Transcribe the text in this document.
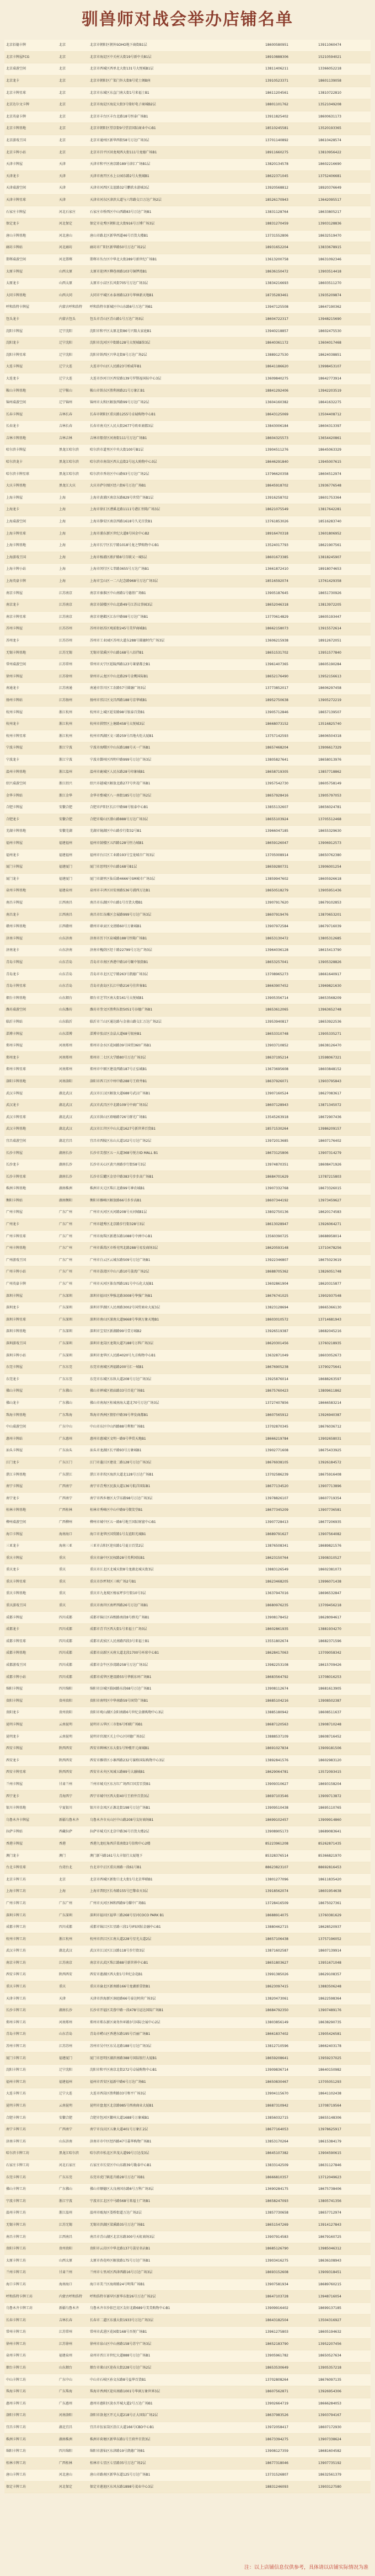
驯兽师对战会举办店铺名单
北京佰德卡牌	北京	北京市朝阳区朝外SOHO地下商街B1层	18600580951	13911060474
北京卡牌屋FCG	北京	北京市海淀区中关村大街19号新中关B1层	18910888306	15210594021
北京桌游空间	北京	北京市西城区西单北大街131号大悦城B1层	13811406211	13366052218
北京龙卡	北京	北京市朝阳区广渠门外大街8号优士阁B座	13910523371	18601139058
北京卡牌星球	北京	北京市东城区东直门南大街1号来福士B1	18611204561	13810722810
北京达尔文卡牌	北京	北京市海淀区海淀大街3号鼎好电子商城B2层	18801101762	13521049208
北京英豪卡牌	北京	北京市丰台区丰台北路18号恒泰广场B1	13911825402	18600631173
北京卡牌基地	北京	北京市朝阳区望京街9号望京国际商业中心B1	18510245581	13520193365
北京游戏王国	北京	北京市通州区新华西街58号万达广场3层	13701140892	18610428574
北京卡牌小站	北京	北京市昌平区回龙观西大街111号龙德广场B1	18911660275	13810956422
天津卡牌屋	天津	天津市和平区南京路189号津汇广场B1层	13820134578	18602216690
天津龙卡	天津	天津市南开区水上公园东路2号大悦城B1	18622371045	13752406681
天津桌游空间	天津	天津市河西区友谊路32号鹏欣水游城3层	13920568812	18920376649
天津卡牌星球	天津	天津市河东区津滨大道与六纬路交口万达广场2层	18526170943	13642095517
石家庄卡牌屋	河北石家庄	石家庄市桥西区中山西路83号万达广场B1	13831128764	18633805217
保定龙卡	河北保定	保定市竞秀区朝阳北大街916号万博广场3层	18831270459	13903128836
唐山卡牌基地	河北唐山	唐山市路北区新华西道46号百货大楼B1	13731552806	18632519470
廊坊卡牌站	河北廊坊	廊坊市广阳区新华路50号万达广场2层	18931652204	13833678915
邯郸桌游空间	河北邯郸	邯郸市丛台区中华北大街289号新世纪广场B1	13613200758	18631092346
太原卡牌屋	山西太原	太原市迎泽区柳巷南路103号铜锣湾B1	18636150472	13903514418
太原龙卡	山西太原	太原市小店区长风街705号万达广场3层	13834216693	18603511270
大同卡牌基地	山西大同	大同市平城区永泰南路123号华林新天地B1	18735283461	13935209874
呼和浩特卡牌屋	内蒙古呼和浩特	呼和浩特市新城区中山东路8号万达广场B1	13947125508	18647190362
包头龙卡	内蒙古包头	包头市青山区青山路1号万达广场3层	18604722317	13948215690
沈阳卡牌屋	辽宁沈阳	沈阳市和平区太原北街86号兴隆大家庭B1	13940218857	18602475530
沈阳龙卡	辽宁沈阳	沈阳市沈河区中街路128号大悦城B馆3层	18640361172	13604017468
沈阳卡牌星球	辽宁沈阳	沈阳市铁西区兴华北街8号万达广场2层	13889127530	18624038851
大连卡牌屋	辽宁大连	大连市中山区人民路23号柏威年B1	18641186620	13998453107
大连龙卡	辽宁大连	大连市沙河口区西安路139号罗斯福国际中心3层	13609840275	18642773914
鞍山卡牌基地	辽宁鞍山	鞍山市铁东区胜利南路21号万象汇B1	18841292406	13942203519
锦州桌游空间	辽宁锦州	锦州市太和区解放西路99号万达广场2层	13604160382	18641632275
长春卡牌屋	吉林长春	长春市朝阳区重庆路1255号卓展购物中心B1	18643125069	13504408712
长春龙卡	吉林长春	长春市南关区人民大街2677号欧亚商都3层	13843006184	18604313397
吉林卡牌基地	吉林吉林	吉林市船营区河南街111号万达广场B1	18604325573	13654420861
哈尔滨卡牌屋	黑龙江哈尔滨	哈尔滨市道里区中央大街100号B1层	13904511276	18645063329
哈尔滨龙卡	黑龙江哈尔滨	哈尔滨市南岗区西大直街2号远大购物中心3层	18646291840	13945007615
哈尔滨卡牌星球	黑龙江哈尔滨	哈尔滨市香坊区中山路93号万达广场2层	13796620358	18604512974
大庆卡牌基地	黑龙江大庆	大庆市萨尔图区经六街6号万达广场B1	18645918702	13936776548
上海卡牌屋	上海	上海市黄浦区南京东路829号世贸广场B1层	13916258702	18601753364
上海龙卡	上海	上海市徐汇区漕溪北路1111号港汇恒隆广场3层	18621075549	13817642281
上海桌游空间	上海	上海市静安区南京西路1618号久光百货B1	13761853026	18516283740
上海卡牌星球	上海	上海市浦东新区世纪大道8号国金中心B2	18916470318	13601806952
上海卡牌基地	上海	上海市长宁区长宁路1018号龙之梦购物中心B1	13524017793	18621907561
上海游戏王国	上海	上海市杨浦区淞沪路8号百联又一城5层	18601673385	13818245907
上海卡牌小站	上海	上海市闵行区七莘路3655号万达广场B1	13661872410	18918074653
上海英豪卡牌	上海	上海市宝山区一二八纪念路968号万达广场3层	18516592074	13761429358
南京卡牌屋	江苏南京	南京市秦淮区中山南路1号德基广场B1	13905187645	18651730926
南京龙卡	江苏南京	南京市鼓楼区中山北路49号江苏议事园3层	18652046318	13813972205
南京卡牌星球	江苏南京	南京市建邺区江东中路98号万达广场B1	13770614829	18605193447
苏州卡牌屋	江苏苏州	苏州市姑苏区观前街245号美罗商城B1	18662158073	13915572614
苏州龙卡	江苏苏州	苏州市工业园区苏州大道东288号圆融时代广场3层	13606215938	18912672051
无锡卡牌基地	江苏无锡	无锡市梁溪区中山路168号八佰伴B1	18651531702	13951577840
常州桌游空间	江苏常州	常州市天宁区延陵西路123号莱蒙都会B1	13961407365	18605190284
徐州卡牌屋	江苏徐州	徐州市云龙区中山北路29号金鹰国际B1	18652176490	13952156613
南通龙卡	江苏南通	南通市崇川区工农路57号圆融广场3层	13773852017	18606297458
扬州卡牌站	江苏扬州	扬州市邗江区文昌西路188号京华城B1	18952750638	13905272219
杭州卡牌屋	浙江杭州	杭州市上城区延安路98号银泰百货B1	13905712846	18657139507
杭州龙卡	浙江杭州	杭州市拱墅区上塘路458号大悦城3层	18668073152	13516825740
杭州卡牌星球	浙江杭州	杭州市西湖区文三路259号昌地火炬大厦B1	13757142593	18606504318
宁波卡牌屋	浙江宁波	宁波市海曙区中山东路188号天一广场B1	18657468204	13906617329
宁波龙卡	浙江宁波	宁波市鄞州区四明中路999号万达广场3层	13805827641	18658013976
温州卡牌基地	浙江温州	温州市鹿城区人民东路28号印象城B1	18658719305	13857718862
绍兴桌游空间	浙江绍兴	绍兴市越城区解放北路277号世茂广场B1	13957542730	18605758149
金华卡牌站	浙江金华	金华市婺城区八一南街185号万达广场2层	18657928416	13905797053
合肥卡牌屋	安徽合肥	合肥市庐阳区长江中路98号银泰中心B1	13855132607	18656024781
合肥龙卡	安徽合肥	合肥市蜀山区潜山路888号万达广场3层	18655103924	13705512468
芜湖卡牌基地	安徽芜湖	芜湖市镜湖区中山路步行街32号B1	13966047185	18655329630
福州卡牌屋	福建福州	福州市鼓楼区五四路128号恒力城B1	18659126047	13906912573
福州龙卡	福建福州	福州市台江区工业路193号宝龙城市广场3层	13705008914	18650762380
厦门卡牌屋	福建厦门	厦门市思明区中山路168号B1层	18659280731	13906001254
厦门龙卡	福建厦门	厦门市湖里区仙岳路4666号SM城市广场3层	13859947602	18605926618
泉州卡牌基地	福建泉州	泉州市丰泽区田安南路536号浦西万达B1	18650518279	13905951436
南昌卡牌屋	江西南昌	南昌市东湖区中山路1号百货大楼B1	13907917620	18679102853
南昌龙卡	江西南昌	南昌市红谷滩区会展路999号万达广场3层	18607919476	13870653201
赣州卡牌基地	江西赣州	赣州市章贡区文清路60号万象城B1	13907972584	18679716039
济南卡牌屋	山东济南	济南市历下区泉城路188号恒隆广场B1	18653130472	13805312685
济南龙卡	山东济南	济南市槐荫区经十路22799号万达广场3层	13964036128	18615413790
青岛卡牌屋	山东青岛	青岛市市南区香港中路10号颐中银街B1	18653257041	13905328826
青岛龙卡	山东青岛	青岛市市北区辽宁路263号凯德广场3层	13708965273	18661640917
青岛卡牌星球	山东青岛	青岛市黄岛区长江中路216号佳世客B1	18663907452	13969821630
烟台卡牌基地	山东烟台	烟台市芝罘区南大街161号大悦城B1	13905356714	18653568209
潍坊桌游空间	山东潍坊	潍坊市奎文区胜利东街5051号谷德广场B1	18653612065	13963652748
临沂卡牌站	山东临沂	临沂市兰山区通达路与金雀山路交汇万达广场2层	13953940817	18653922536
淄博卡牌屋	山东淄博	淄博市张店区金晶大道68号银座B1	18653310748	13905335271
郑州卡牌屋	河南郑州	郑州市金水区花园路39号国贸360广场B1	13903710852	18638126470
郑州龙卡	河南郑州	郑州市二七区大学路80号万达广场3层	18637195214	13598067321
郑州卡牌星球	河南郑州	郑州市中原区建设西路187号正弘城B1	13673695608	18603848152
洛阳卡牌基地	河南洛阳	洛阳市西工区中州中路288号王府井B1	18637926071	13903795843
武汉卡牌屋	湖北武汉	武汉市江汉区解放大道688号武汉广场B1	13907160524	18627083617
武汉龙卡	湖北武汉	武汉市武昌区中北路109号中商广场3层	18607128943	13871345072
武汉卡牌星球	湖北武汉	武汉市洪山区珞喻路726号群光广场B1	13545263918	18672907436
武汉卡牌基地	湖北武汉	武汉市江岸区中山大道1627号新世界百货B1	18571530264	13986209157
宜昌桌游空间	湖北宜昌	宜昌市西陵区东山大道102号万达广场2层	13972013685	18607176402
长沙卡牌屋	湖南长沙	长沙市芙蓉区五一大道368号悦方ID MALL B1	18673125806	13907314279
长沙龙卡	湖南长沙	长沙市天心区黄兴南路步行街58号3层	13974870351	18608471926
长沙卡牌星球	湖南长沙	长沙市岳麓区金星中路383号步步高广场B1	18684701629	13787215803
株洲卡牌基地	湖南株洲	株洲市天元区珠江北路99号神农城B1	13907332768	18673326015
衡阳卡牌站	湖南衡阳	衡阳市雁峰区解放路66号步步高B1	18607344192	13973459627
广州卡牌屋	广东广州	广州市天河区天河路208号天河城B1层	13802750136	18620174583
广州龙卡	广东广州	广州市越秀区北京路步行街328号3层	18613028947	13926064271
广州卡牌星球	广东广州	广州市海珠区新港东路1088号中洲中心B1	13560390725	18688958014
广州卡牌基地	广东广州	广州市番禺区市桥光明北路288号易发商场3层	18620593148	13710478256
广州游戏王国	广东广州	广州市白云区云城东路509号万达广场B1	13922346807	18675023619
广州卡牌小站	广东广州	广州市荔湾区中山八路10号荔湾广场2层	18688705362	13826051748
广州英豪卡牌	广东广州	广州市天河区体育西路191号中石化大厦B1	13602861904	18620315877
深圳卡牌屋	广东深圳	深圳市福田区华强北路3008号华强广场B1	18676741025	13902937548
深圳龙卡	广东深圳	深圳市罗湖区人民南路3002号国贸商业大厦3层	13823128694	18665366130
深圳卡牌星球	广东深圳	深圳市南山区深南大道9668号华润万象天地B1	18603010572	13714681943
深圳卡牌基地	广东深圳	深圳市宝安区新湖路99号壹方城B2	13926519387	18682045216
深圳游戏王国	广东深圳	深圳市龙岗区龙翔大道7188号万科广场3层	18620301456	13760218935
深圳卡牌小站	广东深圳	深圳市龙华区人民路4020号九方购物中心B1	13632871049	18603052673
东莞卡牌屋	广东东莞	东莞市南城区鸿福路200号汇一城B1	18676905238	13790275641
东莞龙卡	广东东莞	东莞市东城区东纵大道208号万达广场3层	13925876014	18688263597
佛山卡牌屋	广东佛山	佛山市禅城区祖庙路33号百花广场B1	18675760423	13809611862
佛山龙卡	广东佛山	佛山市南海区桂城南海大道北70号万达广场3层	13727407856	18666583214
珠海卡牌基地	广东珠海	珠海市香洲区情侣中路39号华发商都B1	18607565912	13926940387
中山桌游空间	广东中山	中山市东区中山四路88号利和广场B1	13702870345	18676036712
惠州卡牌站	广东惠州	惠州市惠城区文明一路9号华贸天地B1	18666219784	13902658031
汕头卡牌屋	广东汕头	汕头市龙湖区长平路93号万象城B1	13902771608	18675433925
江门龙卡	广东江门	江门市蓬江区建设二路128号万达广场3层	18676938105	13926184572
湛江卡牌基地	广东湛江	湛江市赤坎区海滨大道北128号万达广场B1	13702586239	18675916408
南宁卡牌屋	广西南宁	南宁市青秀区民族大道136号航洋国际B1	18677134520	13907713896
南宁龙卡	广西南宁	南宁市西乡塘区大学东路98号万达广场3层	13978826107	18607719354
桂林卡牌基地	广西桂林	桂林市秀峰区中山中路9号微笑堂B1	18677345209	13907736581
柳州桌游空间	广西柳州	柳州市城中区五一路8号地王国际财富中心B1	13907728413	18677206935
海口卡牌屋	海南海口	海口市龙华区国贸路1号友谊阳光城B1	18689791627	13907564082
三亚龙卡	海南三亚	三亚市吉阳区迎宾路1号夏日百货2层	13876508341	18689821576
重庆卡牌屋	重庆	重庆市渝中区民权路28号英利国际B1	18623150764	13908310527
重庆龙卡	重庆	重庆市江北区北城天街8号龙湖北城天街3层	13883126549	18602381073
重庆卡牌星球	重庆	重庆市沙坪坝区三峡广场2号B1	18623468205	13996071438
重庆卡牌基地	重庆	重庆市九龙坡区杨家坪步行街10号3层	13637947016	18696532847
重庆游戏王国	重庆	重庆市南岸区南坪西路26号万达广场B1	18680976235	13709456218
成都卡牌屋	四川成都	成都市锦江区春熙路南段8号群光广场B1	13908178452	18628094617
成都龙卡	四川成都	成都市青羊区西大街1号来福士广场3层	18602861935	13881934270
成都卡牌星球	四川成都	成都市武侯区人民南路四段3号来福士B1	13551802674	18682371596
成都卡牌基地	四川成都	成都市高新区天府大道北段1700号环球中心B1	18628417063	13709058342
成都游戏王国	四川成都	成都市金牛区沙湾路258号万达广场3层	13982253108	18615709426
成都卡牌小站	四川成都	成都市成华区建设路55号华联东环广场B1	18683564792	13708016253
绵阳卡牌屋	四川绵阳	绵阳市涪城区临园路东段68号万达广场B1	13908112674	18681613905
贵阳卡牌屋	贵州贵阳	贵阳市南明区中华南路59号国贸广场B1	18685104216	13908502387
贵阳龙卡	贵州贵阳	贵阳市观山湖区金阳南路6号世纪金源购物中心3层	13885180942	18608511637
昆明卡牌屋	云南昆明	昆明市五华区三市街6号柏联广场B1	18687120563	13908710248
昆明龙卡	云南昆明	昆明市官渡区关上中心区同德广场3层	13888537109	18608716452
西安卡牌屋	陕西西安	西安市碑林区东大街1号钟楼开元商城B1	18691027834	13909181506
西安龙卡	陕西西安	西安市雁塔区小寨西路232号赛格国际购物中心3层	13892841576	18602983120
西安卡牌星球	陕西西安	西安市未央区凤城五路89号大融城B1	18629064781	13572093415
兰州卡牌屋	甘肃兰州	兰州市城关区东方红广场西口国芳百货B1	13909310627	18693158204
西宁龙卡	青海西宁	西宁市城中区西大街40号王府井百货3层	18697103546	13909713872
银川卡牌基地	宁夏银川	银川市金凤区正源北街198号万达广场B1	13909510438	18695110765
乌鲁木齐卡牌屋	新疆乌鲁木齐	乌鲁木齐市天山区中山路208号友好商场B1	18699102457	13909914860
拉萨卡牌站	西藏拉萨	拉萨市城关区北京中路36号百货大楼2层	13908905173	18689083641
香港卡牌屋	香港	香港九龙旺角西洋菜南街2号信和中心2楼	85223961208	85262871435
澳门龙卡	澳门	澳门新马路161号大丰银行大厦地下	85328376514	85366821970
台北卡牌星球	台湾台北	台北市中正区重庆南路一段61号B1	88623823107	88692816453
北京卡牌工坊	北京	北京市西城区新街口北大街1号北京华联B1	13801277096	18611835420
上海卡牌工坊	上海	上海市普陀区长寿路155号巴黎春天3层	13918562074	18601954638
广州卡牌工坊	广东广州	广州市天河区林和西路9号耀中广场B1	13728416509	18675027361
深圳卡牌工坊	广东深圳	深圳市福田区福华三路268号星河COCO PARK B1	18688914075	13760381629
成都卡牌工坊	四川成都	成都市锦江区红星路三段1号IFS国际金融中心B1	13880462715	18628520937
杭州卡牌工坊	浙江杭州	杭州市滨江区江南大道228号星光大道2层	18657106438	13757196052
武汉卡牌工坊	湖北武汉	武汉市江汉区江汉路118号步行街3层	13871602587	18607139914
南京卡牌工坊	江苏南京	南京市玄武区珠江路88号新世界中心B1	18651803627	13951671048
西安卡牌工坊	陕西西安	西安市莲湖区西大街1号世纪金花B1	13991385026	18629108357
重庆卡牌工坊	重庆	重庆市渝北区新南路166号龙湖新壹街B1	18623097415	13883506248
天津卡牌工坊	天津	天津市滨海新区洞庭路66号泰达时尚广场3层	13820473061	18622598364
长沙卡牌工坊	湖南长沙	长沙市开福区芙蓉中路一段478号运达国际广场B1	18684792350	13907489176
郑州卡牌工坊	河南郑州	郑州市郑东新区商务外环路3号国际会展中心2层	13803856149	18638290735
青岛卡牌工坊	山东青岛	青岛市崂山区香港东路195号百丽广场B1	18661837402	13905426581
苏州卡牌工坊	江苏苏州	苏州市吴中区东吴北路188号万达广场3层	13812710596	18662403178
厦门卡牌工坊	福建厦门	厦门市思明区湖滨南路388号国际银行大厦B1	18659208641	13959237025
沈阳卡牌工坊	辽宁沈阳	沈阳市和平区南京北街272号卓展购物中心B1	13909836714	18640150982
福州卡牌工坊	福建福州	福州市晋安区福新中路6号万达广场B1	18650830467	13705051293
大连卡牌工坊	辽宁大连	大连市西岗区胜利路33号和平广场3层	13904115670	18641102438
昆明卡牌工坊	云南昆明	昆明市盘龙区北京路985号西南商业大厦B1	18687310942	13708719564
合肥卡牌工坊	安徽合肥	合肥市包河区徽州大道1688号万象城B1	13856032715	18655148306
南宁卡牌工坊	广西南宁	南宁市良庆区五象大道401号万象汇2层	18677164053	13978625917
济南卡牌工坊	山东济南	济南市市中区经四路47号嘉华购物广场B1	13853170264	18615384179
哈尔滨卡牌工坊	黑龙江哈尔滨	哈尔滨市松北区世茂大道99号万达茂3层	18645107382	13904590615
石家庄卡牌工坊	河北石家庄	石家庄市长安区中山东路39号勒泰中心B1	13833142509	18631127846
东莞卡牌工坊	广东东莞	东莞市虎门镇连升路28号万达广场B1	18666810357	13712049623
佛山卡牌工坊	广东佛山	佛山市顺德区大良南国东路8号万科广场3层	13690284175	18675738406
宁波卡牌工坊	浙江宁波	宁波市江北区中马路568号来福士广场B1	18658247093	13805741356
温州卡牌工坊	浙江温州	温州市瓯海区娄桥街道万达广场2层	13857730658	18657712974
无锡卡牌工坊	江苏无锡	无锡市滨湖区梁溪路35号万达广场B1	18651547269	13914127843
南昌卡牌工坊	江西南昌	南昌市青山湖区北京东路300号天虹商场3层	13907914583	18679160725
贵阳卡牌工坊	贵州贵阳	贵阳市云岩区中华北路137号荔星名店B1	18685126790	13985046312
太原卡牌工坊	山西太原	太原市杏花岭区解放路175号万达广场B1	13903416275	18636108943
兰州卡牌工坊	甘肃兰州	兰州市七里河区西津西路16号万达广场3层	18693152608	13909318451
海口卡牌工坊	海南海口	海口市美兰区海府路24号明珠广场B1	13907581934	18689760215
呼和浩特卡牌工坊	内蒙古呼和浩特	呼和浩特市赛罕区新华东街26号万达广场2层	18647103728	13948716054
乌鲁木齐卡牌工坊	新疆乌鲁木齐	乌鲁木齐市沙依巴克区友好北路689号美美购物中心B1	13909916402	18699137185
长春卡牌工坊	吉林长春	长春市二道区东盛大街1933号万达广场3层	18643182504	13504316927
常州卡牌工坊	江苏常州	常州市武进区花园街168号吾悦广场B1	13961275803	18605194632
徐州卡牌工坊	江苏徐州	徐州市泉山区中山南路158号苏宁广场3层	18652183790	13952207456
泉州卡牌工坊	福建泉州	泉州市晋江市世纪大道888号万达广场B1	13905961782	18650527634
烟台卡牌工坊	山东烟台	烟台市莱山区迎春大街228号万达广场2层	18653530649	13905357218
中山卡牌工坊	广东中山	中山市石岐区孙文东路8号益华百货B1	13702808264	18676097135
珠海卡牌工坊	广东珠海	珠海市香洲区迎宾南路1001号华润万象世界3层	18607562871	13926954306
惠州卡牌工坊	广东惠州	惠州市惠阳区淡水开城大道2号万达广场B1	13902664719	18666284053
洛阳卡牌工坊	河南洛阳	洛阳市洛龙区开元大道218号正大国际广场2层	18637983526	13903794167
宜昌卡牌工坊	湖北宜昌	宜昌市伍家岗区沿江大道166号CBD中心B1	13972058417	18607172930
株洲卡牌工坊	湖南株洲	株洲市荷塘区新华东路1号王府井百货3层	18673394275	13907338624
绵阳卡牌工坊	四川绵阳	绵阳市游仙区东津路19号凯德广场B1	13908127359	18681604582
桂林卡牌工坊	广西桂林	桂林市七星区七星路35号万达广场2层	18677318046	13907735192
唐山卡牌工坊	河北唐山	唐山市路南区新华东道125号万达广场B1	13731526807	18632561379
保定卡牌工坊	河北保定	保定市莲池区东风东路1898号茂业中心3层	18831246093	13903127580
注：以上店铺信息仅供参考，具体请以店铺实际情况为准
